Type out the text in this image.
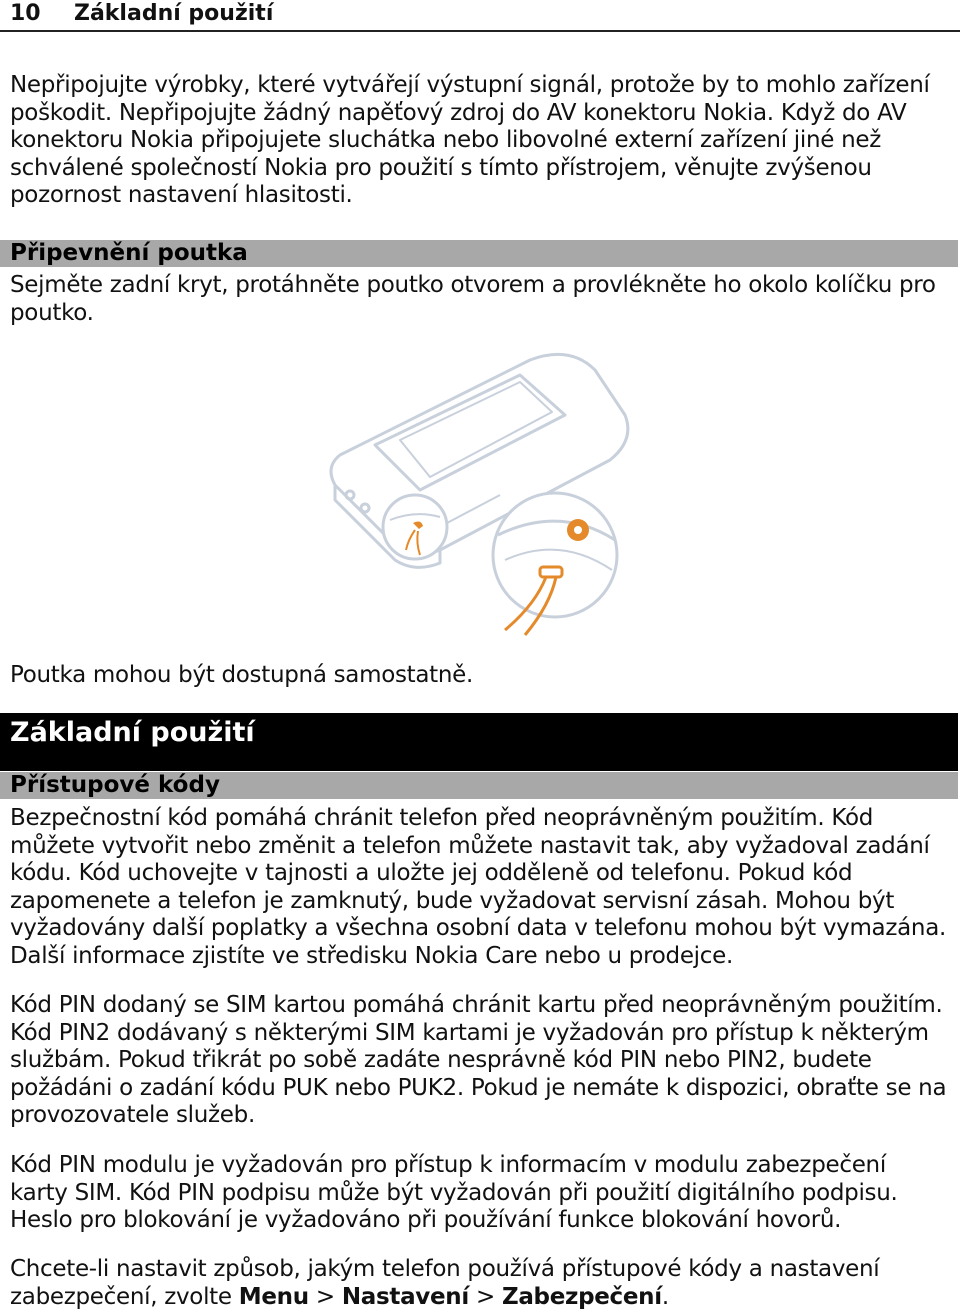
10 Základní použití

Nepřipojujte výrobky, které vytvářejí výstupní signál, protože by to mohlo zařízení poškodit. Nepřipojujte žádný napěťový zdroj do AV konektoru Nokia. Když do AV konektoru Nokia připojujete sluchátka nebo libovolné externí zařízení jiné než schválené společností Nokia pro použití s tímto přístrojem, věnujte zvýšenou pozornost nastavení hlasitosti.

Připevnění poutka

Sejměte zadní kryt, protáhněte poutko otvorem a provlékněte ho okolo kolíčku pro poutko.

Poutka mohou být dostupná samostatně.

Základní použití
Přístupové kódy

Bezpečnostní kód pomáhá chránit telefon před neoprávněným použitím. Kód můžete vytvořit nebo změnit a telefon můžete nastavit tak, aby vyžadoval zadání kódu. Kód uchovejte v tajnosti a uložte jej odděleně od telefonu. Pokud kód zapomenete a telefon je zamknutý, bude vyžadovat servisní zásah. Mohou být vyžadovány další poplatky a všechna osobní data v telefonu mohou být vymazána. Další informace zjistíte ve středisku Nokia Care nebo u prodejce.

Kód PIN dodaný se SIM kartou pomáhá chránit kartu před neoprávněným použitím. Kód PIN2 dodávaný s některými SIM kartami je vyžadován pro přístup k některým službám. Pokud třikrát po sobě zadáte nesprávně kód PIN nebo PIN2, budete požádáni o zadání kódu PUK nebo PUK2. Pokud je nemáte k dispozici, obraťte se na provozovatele služeb.

Kód PIN modulu je vyžadován pro přístup k informacím v modulu zabezpečení karty SIM. Kód PIN podpisu může být vyžadován při použití digitálního podpisu. Heslo pro blokování je vyžadováno při používání funkce blokování hovorů.

Chcete-li nastavit způsob, jakým telefon používá přístupové kódy a nastavení zabezpečení, zvolte Menu > Nastavení > Zabezpečení.
